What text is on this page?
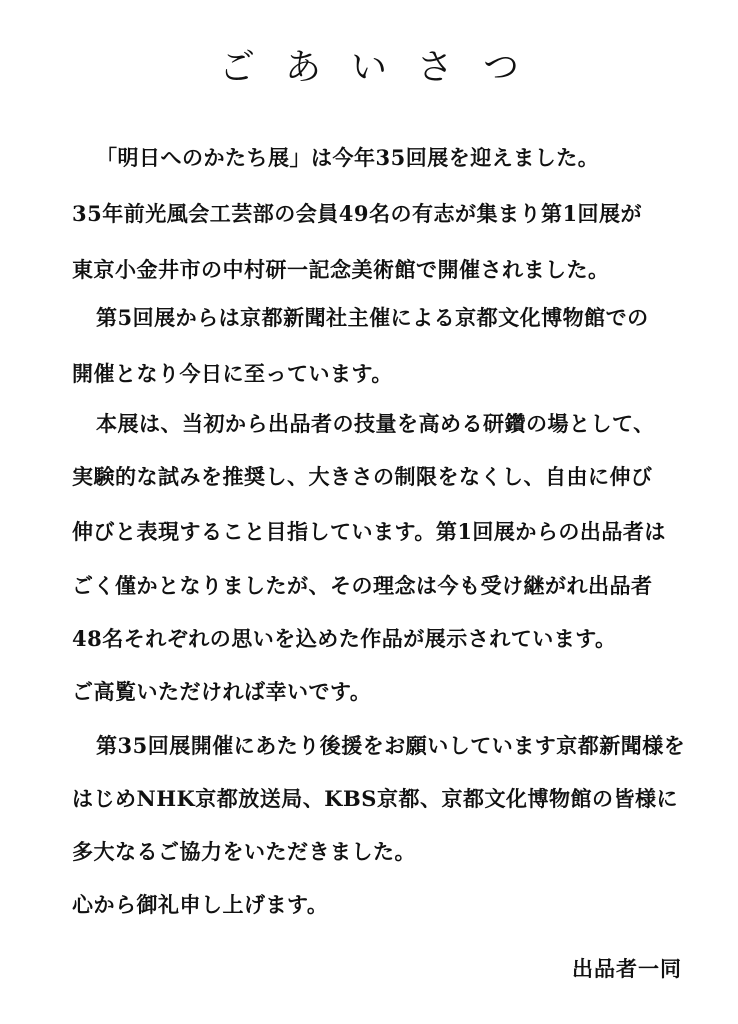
ごあいさつ
「明日へのかたち展」は今年35回展を迎えました。
35年前光風会工芸部の会員49名の有志が集まり第1回展が
東京小金井市の中村研一記念美術館で開催されました。
第5回展からは京都新聞社主催による京都文化博物館での
開催となり今日に至っています。
本展は、当初から出品者の技量を高める研鑽の場として、
実験的な試みを推奨し、大きさの制限をなくし、自由に伸び
伸びと表現すること目指しています。第1回展からの出品者は
ごく僅かとなりましたが、その理念は今も受け継がれ出品者
48名それぞれの思いを込めた作品が展示されています。
ご高覧いただければ幸いです。
第35回展開催にあたり後援をお願いしています京都新聞様を
はじめNHK京都放送局、KBS京都、京都文化博物館の皆様に
多大なるご協力をいただきました。
心から御礼申し上げます。
出品者一同
